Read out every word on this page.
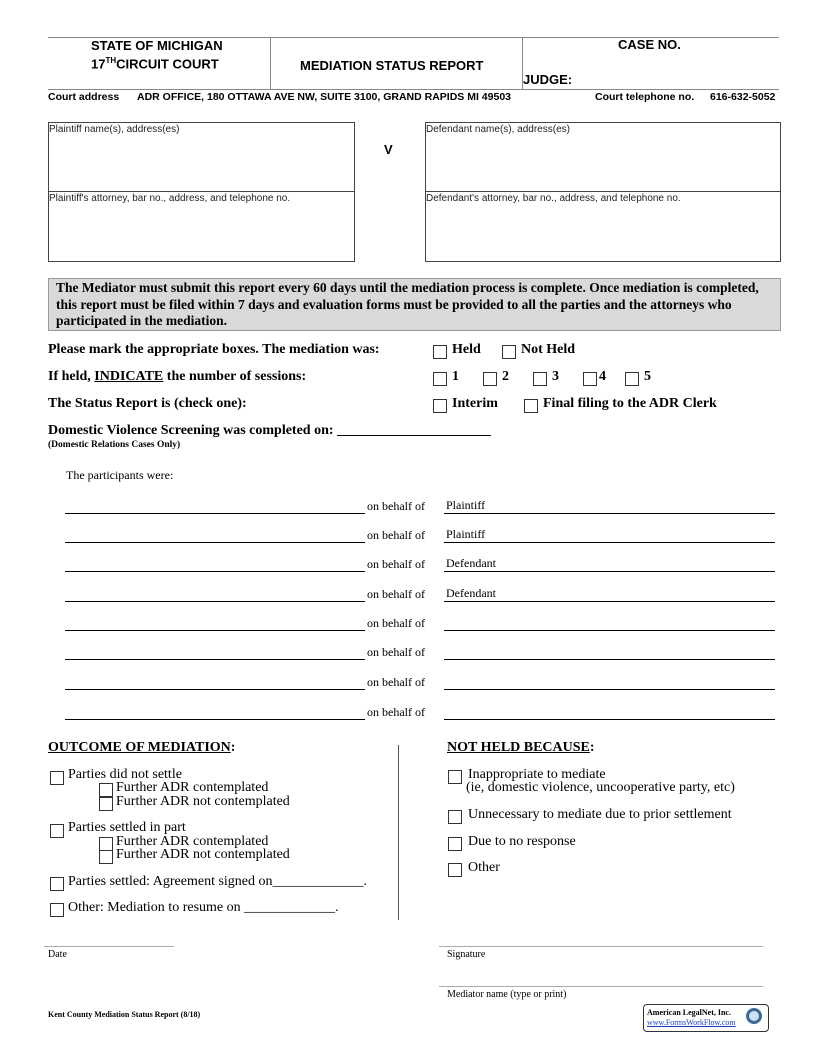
STATE OF MICHIGAN
17THCIRCUIT COURT	MEDIATION STATUS REPORT
CASE NO.
JUDGE:
Court address ADR OFFICE, 180 OTTAWA AVE NW, SUITE 3100, GRAND RAPIDS MI 49503	Court telephone no. 616-632-5052
Plaintiff name(s), address(es)
Plaintiff's attorney, bar no., address, and telephone no.
V
Defendant name(s), address(es)
Defendant's attorney, bar no., address, and telephone no.
The Mediator must submit this report every 60 days until the mediation process is complete. Once mediation is completed, this report must be filed within 7 days and evaluation forms must be provided to all the parties and the attorneys who participated in the mediation.
Please mark the appropriate boxes. The mediation was:	Held	Not Held
If held, INDICATE the number of sessions:	1	2	3	4	5
The Status Report is (check one):	Interim	Final filing to the ADR Clerk
Domestic Violence Screening was completed on: ______________________
(Domestic Relations Cases Only)
The participants were:
on behalf of Plaintiff
on behalf of Plaintiff
on behalf of Defendant
on behalf of Defendant
on behalf of
on behalf of
on behalf of
on behalf of
OUTCOME OF MEDIATION:
Parties did not settle
Further ADR contemplated
Further ADR not contemplated
Parties settled in part
Further ADR contemplated
Further ADR not contemplated
Parties settled: Agreement signed on_____________.
Other: Mediation to resume on _____________.
NOT HELD BECAUSE:
Inappropriate to mediate
(ie, domestic violence, uncooperative party, etc)
Unnecessary to mediate due to prior settlement
Due to no response
Other
Date	Signature
Mediator name (type or print)
Kent County Mediation Status Report (8/18)	American LegalNet, Inc.
www.FormsWorkFlow.com
